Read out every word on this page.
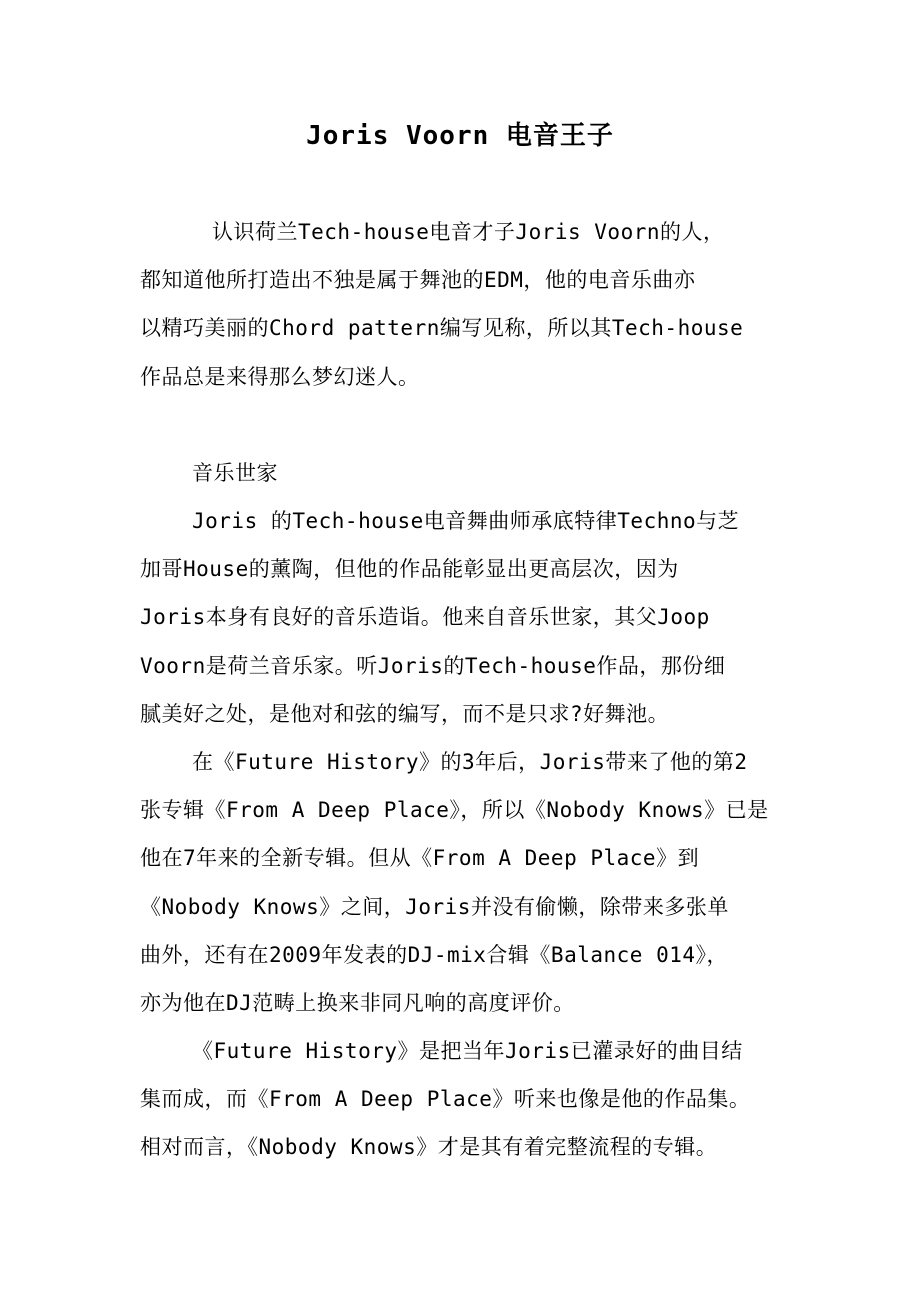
Joris Voorn 电音王子
认识荷兰Tech-house电音才子Joris Voorn的人，
都知道他所打造出不独是属于舞池的EDM，他的电音乐曲亦
以精巧美丽的Chord pattern编写见称，所以其Tech-house
作品总是来得那么梦幻迷人。
音乐世家
Joris 的Tech-house电音舞曲师承底特律Techno与芝
加哥House的薰陶，但他的作品能彰显出更高层次，因为
Joris本身有良好的音乐造诣。他来自音乐世家，其父Joop
Voorn是荷兰音乐家。听Joris的Tech-house作品，那份细
腻美好之处，是他对和弦的编写，而不是只求?好舞池。
在《Future History》的3年后，Joris带来了他的第2
张专辑《From A Deep Place》，所以《Nobody Knows》已是
他在7年来的全新专辑。但从《From A Deep Place》到
《Nobody Knows》之间，Joris并没有偷懒，除带来多张单
曲外，还有在2009年发表的DJ-mix合辑《Balance 014》，
亦为他在DJ范畴上换来非同凡响的高度评价。
《Future History》是把当年Joris已灌录好的曲目结
集而成，而《From A Deep Place》听来也像是他的作品集。
相对而言，《Nobody Knows》才是其有着完整流程的专辑。
